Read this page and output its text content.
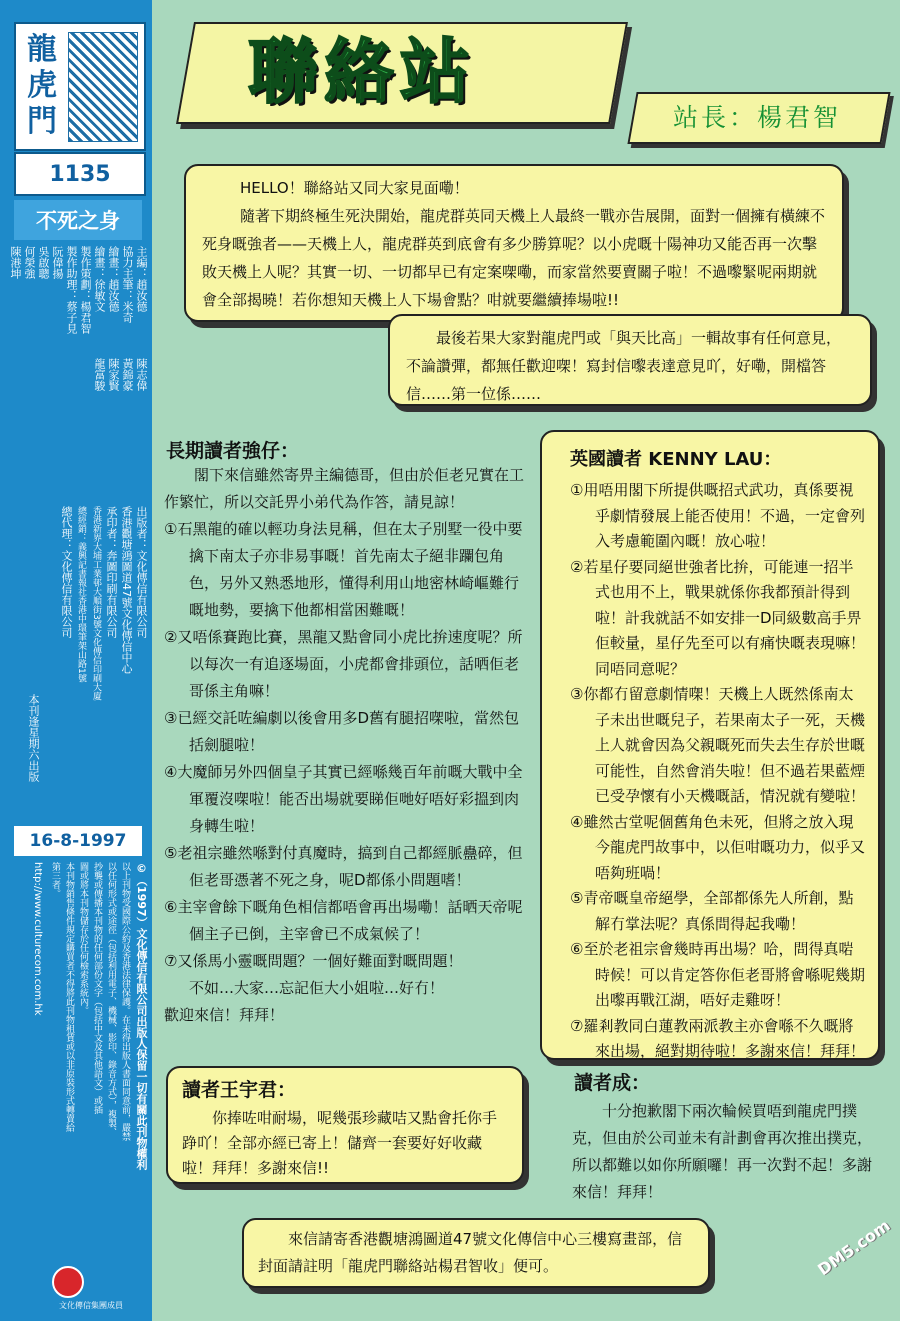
龍虎門
1135
不死之身
主編：趙汝德
協力主筆：米奇
繪畫：趙汝德
繪畫：徐敏文
製作策劃：楊君智
製作助理：蔡子見
阮偉揚
吳啟聰
何榮強
陳港坤
陳志偉
黃錦豪
陳家賢
龍富駿
出版者：文化傳信有限公司
香港觀塘鴻圖道47號文化傳信中心
承印者：奔圖印刷有限公司
香港新界大埔工業邨大順街3號文化傳信印刷大廈
總經銷：義興記書報社香港中環筆架山路1號
總代理：文化傳信有限公司
本刊逢星期六出版
16-8-1997
©（1997）文化傳信有限公司出版人保留一切有關此刊物權利
以上刊物受國際公約及香港法律保護。在未得出版人書面同意前，嚴禁
以任何形式或途徑（包括利用電子、機械、影印、錄音方式），複製、
抄襲或傳播本刊物的任何部份文字（包括中文及其他語文）或插
圖或將本刊物儲存於任何檢索系統內。
本刊物銷售條件規定購買者不得將此刊物租賃或以非原裝形式轉賣給
第三者。
http://www.culturecom.com.hk
文化傳信集團成員
聯絡站
站長：楊君智

HELLO！聯絡站又同大家見面嘞！

隨著下期終極生死決開始，龍虎群英同天機上人最終一戰亦告展開，面對一個擁有橫練不死身嘅強者——天機上人，龍虎群英到底會有多少勝算呢？以小虎嘅十陽神功又能否再一次擊敗天機上人呢？其實一切、一切都早已有定案㗎嘞，而家當然要賣關子啦！不過嚟緊呢兩期就會全部揭曉！若你想知天機上人下場會點？咁就要繼續捧場啦!!

最後若果大家對龍虎門或「與天比高」一輯故事有任何意見，不論讚彈，都無任歡迎㗎！寫封信嚟表達意見吖，好嘞，開檔答信……第一位係……

長期讀者強仔：

閣下來信雖然寄畀主編德哥，但由於佢老兄實在工作繁忙，所以交託畀小弟代為作答，請見諒！

①石黑龍的確以輕功身法見稱，但在太子別墅一役中要擒下南太子亦非易事嘅！首先南太子絕非躝包角色，另外又熟悉地形，懂得利用山地密林崎嶇難行嘅地勢，要擒下他都相當困難嘅！

②又唔係賽跑比賽，黑龍又點會同小虎比拚速度呢？所以每次一有追逐場面，小虎都會排頭位，話哂佢老哥係主角嘛！

③已經交託咗編劇以後會用多D舊有腿招㗎啦，當然包括劍腿啦！

④大魔師另外四個皇子其實已經喺幾百年前嘅大戰中全軍覆沒㗎啦！能否出場就要睇佢哋好唔好彩搵到肉身轉生啦！

⑤老祖宗雖然喺對付真魔時，搞到自己都經脈蠱碎，但佢老哥憑著不死之身，呢D都係小問題嗜！

⑥主宰會餘下嘅角色相信都唔會再出場嘞！話晒天帝呢個主子已倒，主宰會已不成氣候了！

⑦又係馬小靈嘅問題？一個好難面對嘅問題！

不如…大家…忘記佢大小姐啦…好冇！

歡迎來信！拜拜！

讀者王宇君：

你捧咗咁耐場，呢幾張珍藏咭又點會托你手踭吖！全部亦經已寄上！儲齊一套要好好收藏啦！拜拜！多謝來信!!

英國讀者 KENNY LAU：

①用唔用閣下所提供嘅招式武功，真係要視乎劇情發展上能否使用！不過，一定會列入考慮範圍內嘅！放心啦！

②若星仔要同絕世強者比拚，可能連一招半式也用不上，戰果就係你我都預計得到啦！計我就話不如安排一D同級數高手畀佢較量，星仔先至可以有痛快嘅表現嘛！同唔同意呢？

③你都冇留意劇情㗎！天機上人既然係南太子未出世嘅兒子，若果南太子一死，天機上人就會因為父親嘅死而失去生存於世嘅可能性，自然會消失啦！但不過若果藍煙已受孕懷有小天機嘅話，情況就有變啦！

④雖然古堂呢個舊角色未死，但將之放入現今龍虎門故事中，以佢咁嘅功力，似乎又唔夠班喎！

⑤青帝嘅皇帝絕學，全部都係先人所創，點解冇掌法呢？真係問得起我嘞！

⑥至於老祖宗會幾時再出場？哈，問得真啱時候！可以肯定答你佢老哥將會喺呢幾期出嚟再戰江湖，唔好走雞呀！

⑦羅剎教同白蓮教兩派教主亦會喺不久嘅將來出場，絕對期待啦！多謝來信！拜拜！

讀者成：

十分抱歉閣下兩次輪候買唔到龍虎門撲克，但由於公司並未有計劃會再次推出撲克，所以都難以如你所願囉！再一次對不起！多謝來信！拜拜！

來信請寄香港觀塘鴻圖道47號文化傳信中心三樓寫畫部，信封面請註明「龍虎門聯絡站楊君智收」便可。	DM5.com
